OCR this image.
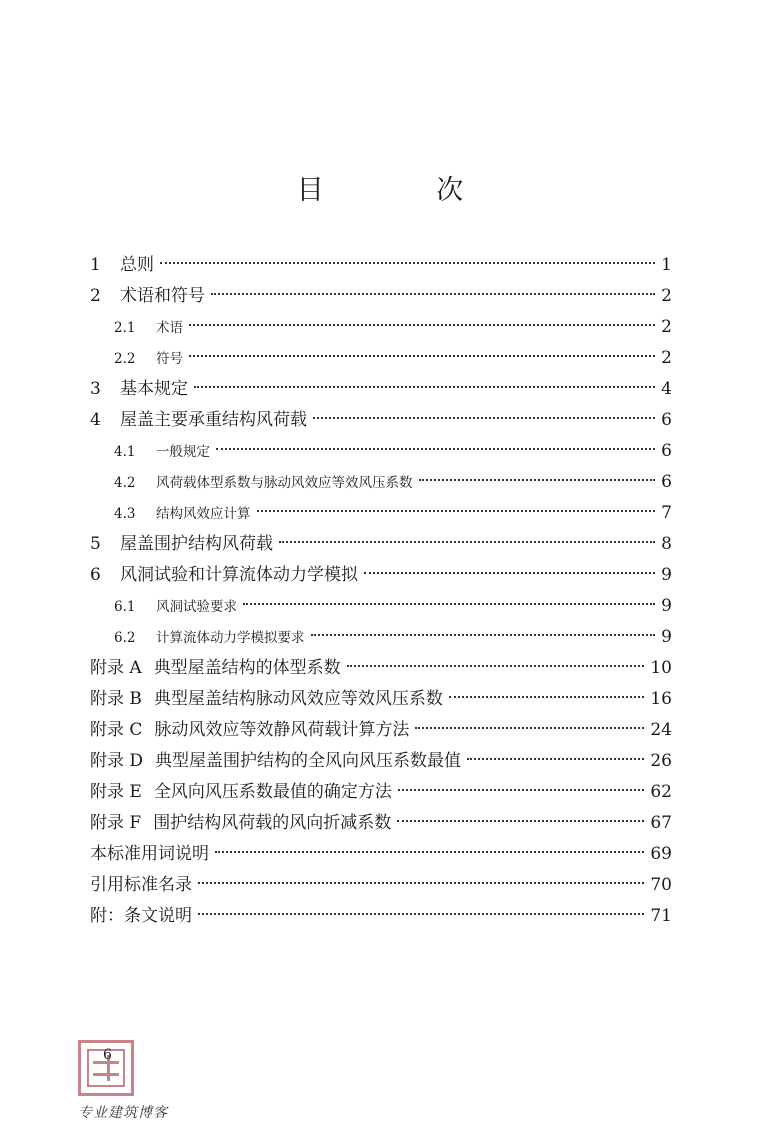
目 次
1	总则	1
2	术语和符号	2
2.1	术语	2
2.2	符号	2
3	基本规定	4
4	屋盖主要承重结构风荷载	6
4.1	一般规定	6
4.2	风荷载体型系数与脉动风效应等效风压系数	6
4.3	结构风效应计算	7
5	屋盖围护结构风荷载	8
6	风洞试验和计算流体动力学模拟	9
6.1	风洞试验要求	9
6.2	计算流体动力学模拟要求	9
附录 A 典型屋盖结构的体型系数	10
附录 B 典型屋盖结构脉动风效应等效风压系数	16
附录 C 脉动风效应等效静风荷载计算方法	24
附录 D 典型屋盖围护结构的全风向风压系数最值	26
附录 E 全风向风压系数最值的确定方法	62
附录 F 围护结构风荷载的风向折减系数	67
本标准用词说明	69
引用标准名录	70
附：条文说明	71
6
专业建筑博客
